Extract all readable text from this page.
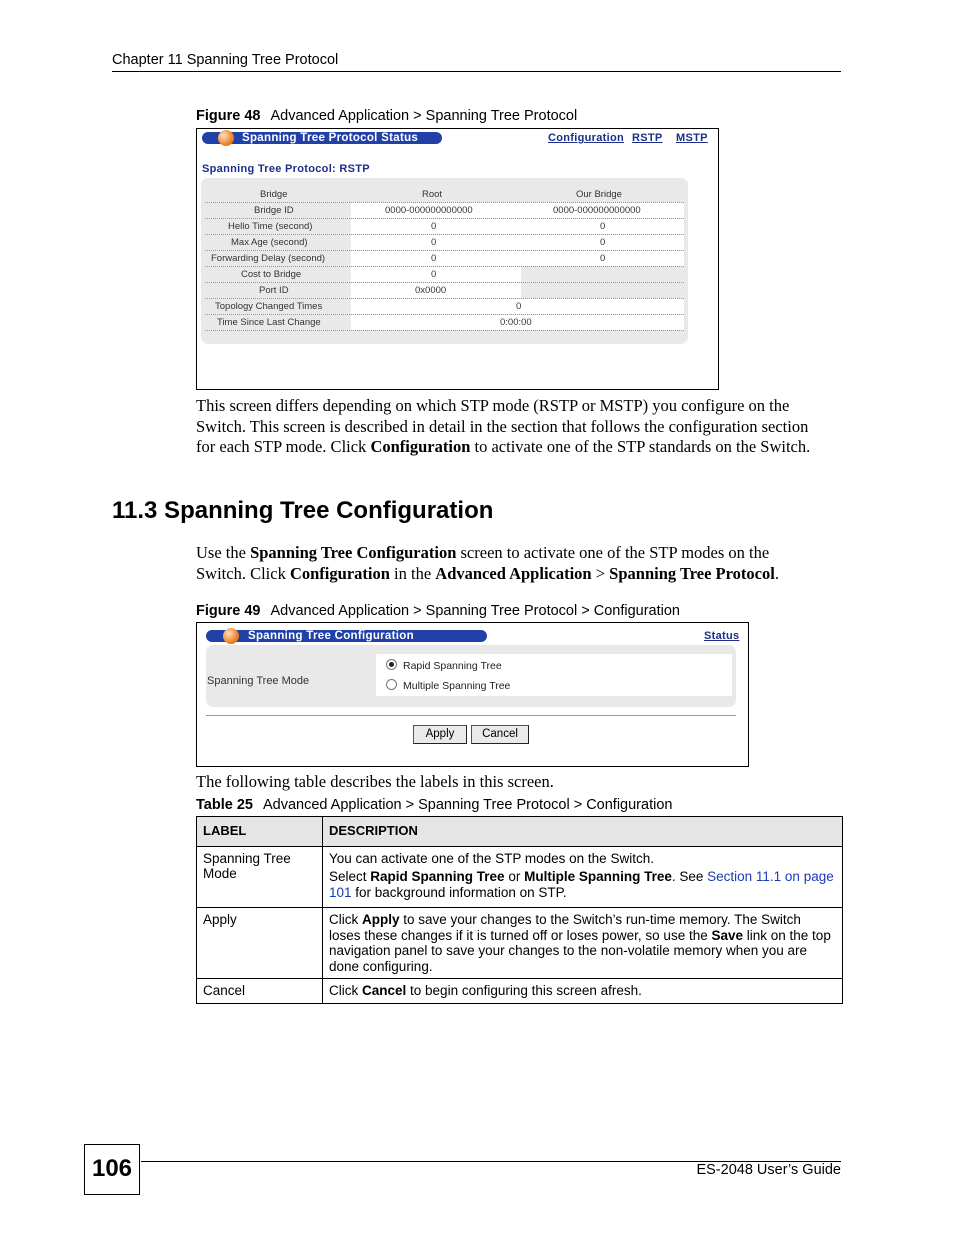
Chapter 11 Spanning Tree Protocol
Figure 48 Advanced Application > Spanning Tree Protocol
Spanning Tree Protocol Status	Configuration RSTP MSTP
Spanning Tree Protocol: RSTP
Bridge	Root	Our Bridge
Bridge ID	0000-000000000000	0000-000000000000
Hello Time (second)	0	0
Max Age (second)	0	0
Forwarding Delay (second)	0	0
Cost to Bridge	0
Port ID	0x0000
Topology Changed Times	0
Time Since Last Change	0:00:00
This screen differs depending on which STP mode (RSTP or MSTP) you configure on the
Switch. This screen is described in detail in the section that follows the configuration section
for each STP mode. Click Configuration to activate one of the STP standards on the Switch.
11.3 Spanning Tree Configuration
Use the Spanning Tree Configuration screen to activate one of the STP modes on the
Switch. Click Configuration in the Advanced Application > Spanning Tree Protocol.
Figure 49 Advanced Application > Spanning Tree Protocol > Configuration
Spanning Tree Configuration	Status
Spanning Tree Mode
Rapid Spanning Tree
Multiple Spanning Tree
Apply	Cancel
The following table describes the labels in this screen.
Table 25 Advanced Application > Spanning Tree Protocol > Configuration
LABEL	DESCRIPTION
Spanning Tree Mode	You can activate one of the STP modes on the Switch.

Select Rapid Spanning Tree or Multiple Spanning Tree. See Section 11.1 on page 101 for background information on STP.

Apply	Click Apply to save your changes to the Switch’s run-time memory. The Switch loses these changes if it is turned off or loses power, so use the Save link on the top navigation panel to save your changes to the non-volatile memory when you are done configuring.
Cancel	Click Cancel to begin configuring this screen afresh.
106	ES-2048 User’s Guide
